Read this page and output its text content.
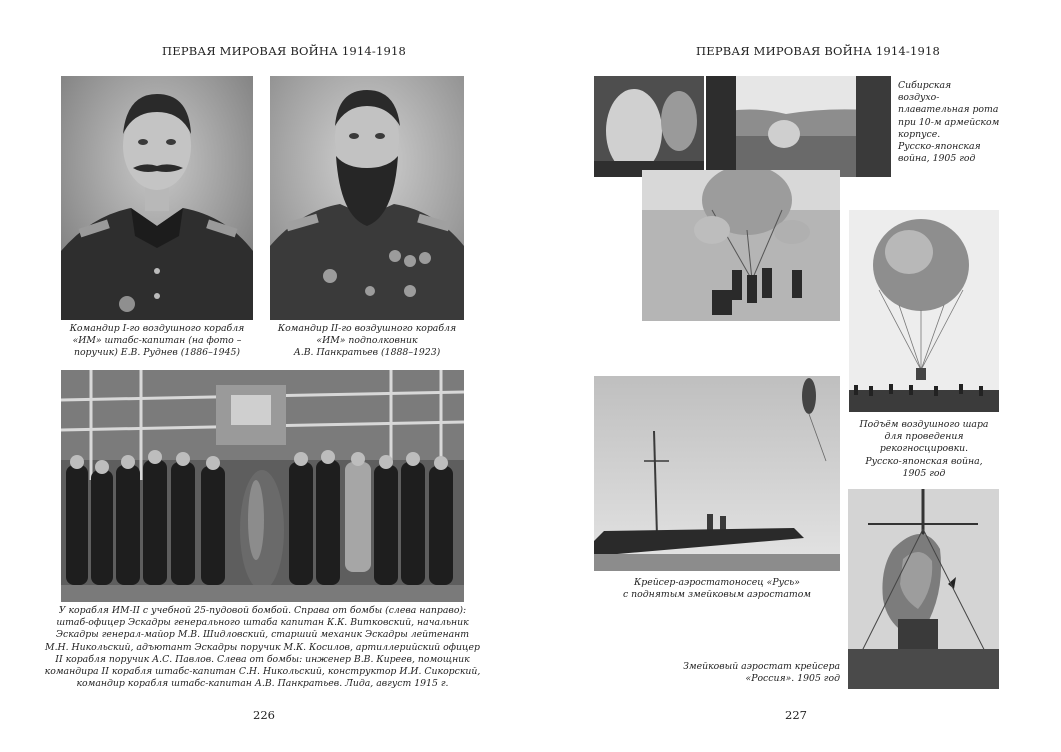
ПЕРВАЯ МИРОВАЯ ВОЙНА 1914-1918
Командир I-го воздушного корабля
«ИМ» штабс-капитан (на фото –
поручик) Е.В. Руднев (1886–1945)
Командир II-го воздушного корабля
«ИМ» подполковник
А.В. Панкратьев (1888–1923)
У корабля ИМ-II с учебной 25-пудовой бомбой. Справа от бомбы (слева направо):
штаб-офицер Эскадры генерального штаба капитан К.К. Витковский, начальник
Эскадры генерал-майор М.В. Шидловский, старший механик Эскадры лейтенант
М.Н. Никольский, адъютант Эскадры поручик М.К. Косилов, артиллерийский офицер
II корабля поручик А.С. Павлов. Слева от бомбы: инженер В.В. Киреев, помощник
командира II корабля штабс-капитан С.Н. Никольский, конструктор И.И. Сикорский,
командир корабля штабс-капитан А.В. Панкратьев. Лида, август 1915 г.
226
ПЕРВАЯ МИРОВАЯ ВОЙНА 1914-1918
Сибирская
воздухо-
плавательная рота
при 10-м армейском
корпусе.
Русско-японская
война, 1905 год
Подъём воздушного шара
для проведения
рекогносцировки.
Русско-японская война,
1905 год
Крейсер-аэростатоносец «Русь»
с поднятым змейковым аэростатом
Змейковый аэростат крейсера
«Россия». 1905 год
227
